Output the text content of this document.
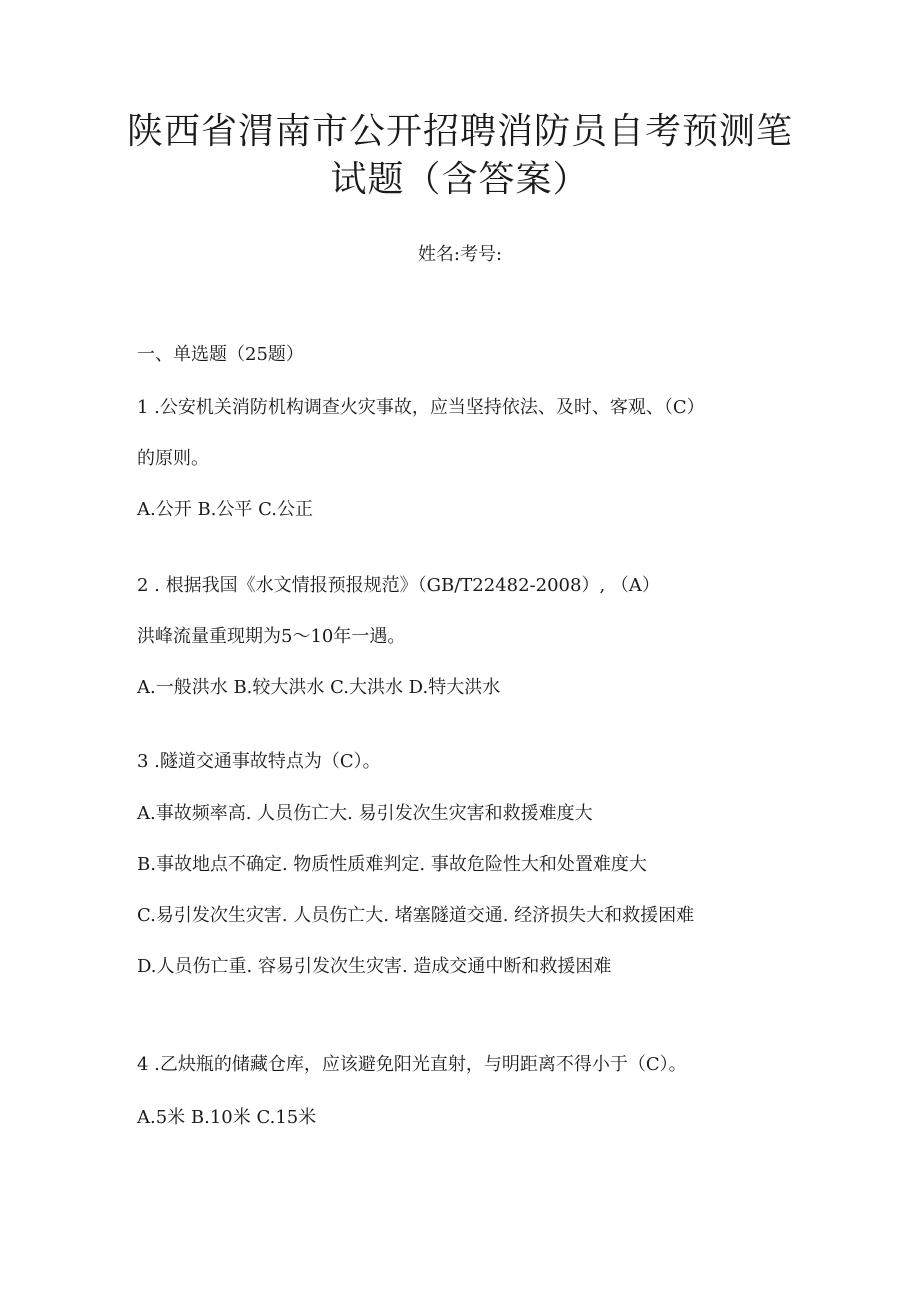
陕西省渭南市公开招聘消防员自考预测笔
试题（含答案）
姓名:考号:
一、单选题（25题）
1 .公安机关消防机构调查火灾事故，应当坚持依法、及时、客观、（C）
的原则。
A.公开 B.公平 C.公正
2 . 根据我国《水文情报预报规范》（GB/T22482-2008）, （A）
洪峰流量重现期为5～10年一遇。
A.一般洪水 B.较大洪水 C.大洪水 D.特大洪水
3 .隧道交通事故特点为（C）。
A.事故频率高. 人员伤亡大. 易引发次生灾害和救援难度大
B.事故地点不确定. 物质性质难判定. 事故危险性大和处置难度大
C.易引发次生灾害. 人员伤亡大. 堵塞隧道交通. 经济损失大和救援困难
D.人员伤亡重. 容易引发次生灾害. 造成交通中断和救援困难
4 .乙炔瓶的储藏仓库，应该避免阳光直射，与明距离不得小于（C）。
A.5米 B.10米 C.15米
